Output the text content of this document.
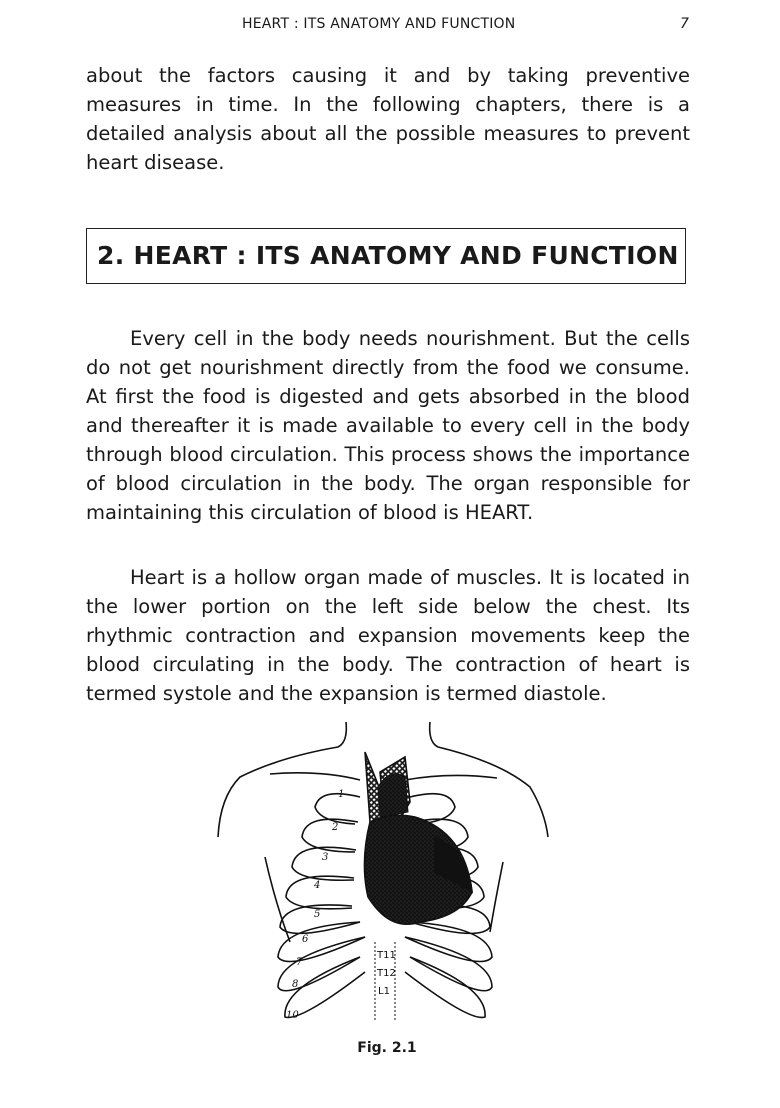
HEART : ITS ANATOMY AND FUNCTION	7
about the factors causing it and by taking preventive measures in time. In the following chapters, there is a detailed analysis about all the possible measures to prevent heart disease.
2. HEART : ITS ANATOMY AND FUNCTION
Every cell in the body needs nourishment. But the cells do not get nourishment directly from the food we consume. At first the food is digested and gets absorbed in the blood and thereafter it is made available to every cell in the body through blood circulation. This process shows the importance of blood circulation in the body. The organ responsible for maintaining this circulation of blood is HEART.
Heart is a hollow organ made of muscles. It is located in the lower portion on the left side below the chest. Its rhythmic contraction and expansion movements keep the blood circulating in the body. The contraction of heart is termed systole and the expansion is termed diastole.
1
2
3
4
5
6
7
8
10
T11
T12
L1
Fig. 2.1
